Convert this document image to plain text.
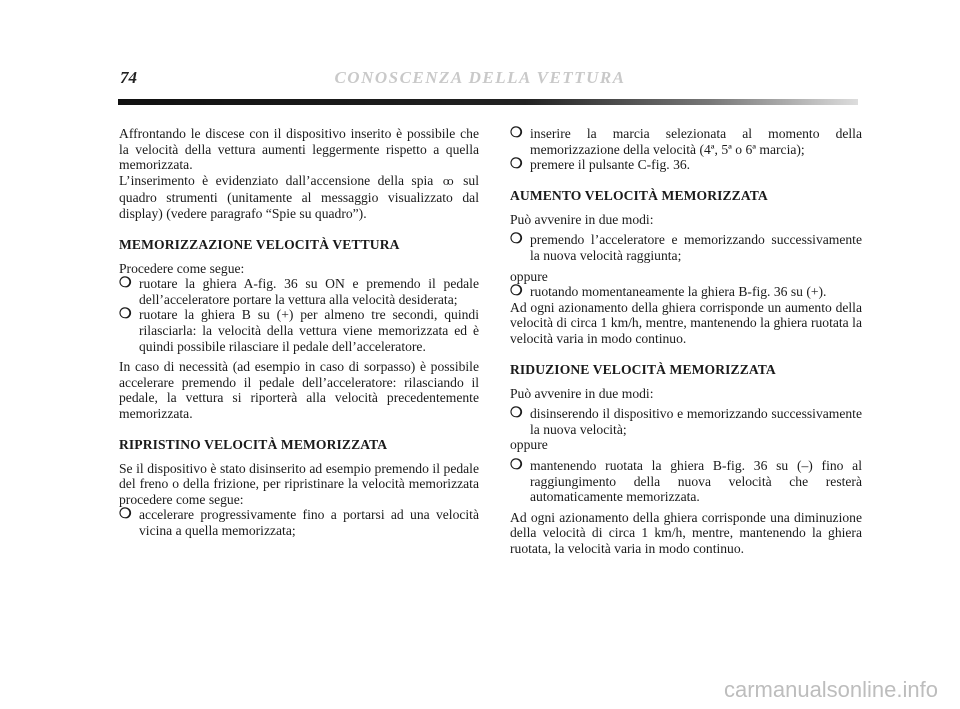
74	CONOSCENZA DELLA VETTURA

Affrontando le discese con il dispositivo inserito è possibile che la velocità della vettura aumenti leggermente rispetto a quella memorizzata.

L’inserimento è evidenziato dall’accensione della spia ꝏ sul quadro strumenti (unitamente al messaggio visualizzato dal display) (vedere paragrafo “Spie su quadro”).

MEMORIZZAZIONE VELOCITÀ VETTURA

Procedere come segue:

❍ ruotare la ghiera A-fig. 36 su ON e premendo il pedale dell’acceleratore portare la vettura alla velocità desiderata;
❍ ruotare la ghiera B su (+) per almeno tre secondi, quindi rilasciarla: la velocità della vettura viene memorizzata ed è quindi possibile rilasciare il pedale dell’acceleratore.

In caso di necessità (ad esempio in caso di sorpasso) è possibile accelerare premendo il pedale dell’acceleratore: rilasciando il pedale, la vettura si riporterà alla velocità precedentemente memorizzata.

RIPRISTINO VELOCITÀ MEMORIZZATA

Se il dispositivo è stato disinserito ad esempio premendo il pedale del freno o della frizione, per ripristinare la velocità memorizzata procedere come segue:

❍ accelerare progressivamente fino a portarsi ad una velocità vicina a quella memorizzata;
❍ inserire la marcia selezionata al momento della memorizzazione della velocità (4ª, 5ª o 6ª marcia);
❍ premere il pulsante C-fig. 36.
AUMENTO VELOCITÀ MEMORIZZATA

Può avvenire in due modi:

❍ premendo l’acceleratore e memorizzando successivamente la nuova velocità raggiunta;

oppure

❍ ruotando momentaneamente la ghiera B-fig. 36 su (+).

Ad ogni azionamento della ghiera corrisponde un aumento della velocità di circa 1 km/h, mentre, mantenendo la ghiera ruotata la velocità varia in modo continuo.

RIDUZIONE VELOCITÀ MEMORIZZATA

Può avvenire in due modi:

❍ disinserendo il dispositivo e memorizzando successivamente la nuova velocità;

oppure

❍ mantenendo ruotata la ghiera B-fig. 36 su (–) fino al raggiungimento della nuova velocità che resterà automaticamente memorizzata.

Ad ogni azionamento della ghiera corrisponde una diminuzione della velocità di circa 1 km/h, mentre, mantenendo la ghiera ruotata, la velocità varia in modo continuo.

carmanualsonline.info
